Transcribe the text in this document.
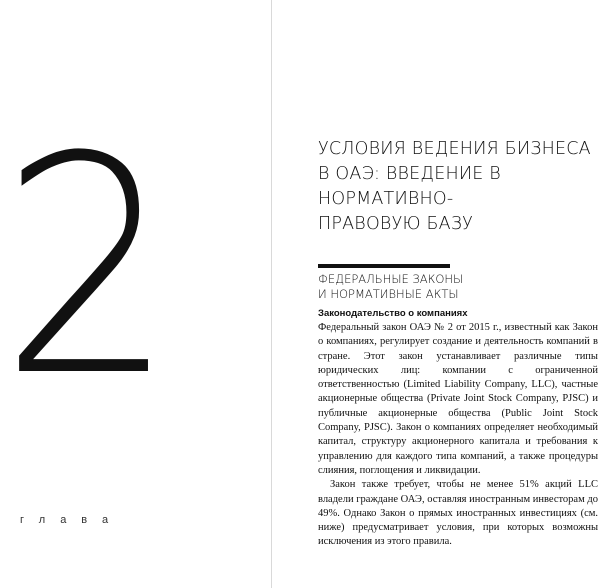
2
глава
УСЛОВИЯ ВЕДЕНИЯ БИЗНЕСА
В ОАЭ: ВВЕДЕНИЕ В НОРМАТИВНО-
ПРАВОВУЮ БАЗУ
ФЕДЕРАЛЬНЫЕ ЗАКОНЫ
И НОРМАТИВНЫЕ АКТЫ

Законодательство о компаниях

Федеральный закон ОАЭ № 2 от 2015 г., известный как Закон о компаниях, регулирует создание и деятельность компаний в стране. Этот закон устанавливает различные типы юридических лиц: компании с ограниченной ответственностью (Limited Liability Company, LLC), частные акционерные общества (Private Joint Stock Company, PJSC) и публичные акционерные общества (Public Joint Stock Company, PJSC). Закон о компаниях определяет необходимый капитал, структуру акционерного капитала и требования к управлению для каждого типа компаний, а также процедуры слияния, поглощения и ликвидации.

Закон также требует, чтобы не менее 51% акций LLC владели граждане ОАЭ, оставляя иностранным инвесторам до 49%. Однако Закон о прямых иностранных инвестициях (см. ниже) предусматривает условия, при которых возможны исключения из этого правила.
